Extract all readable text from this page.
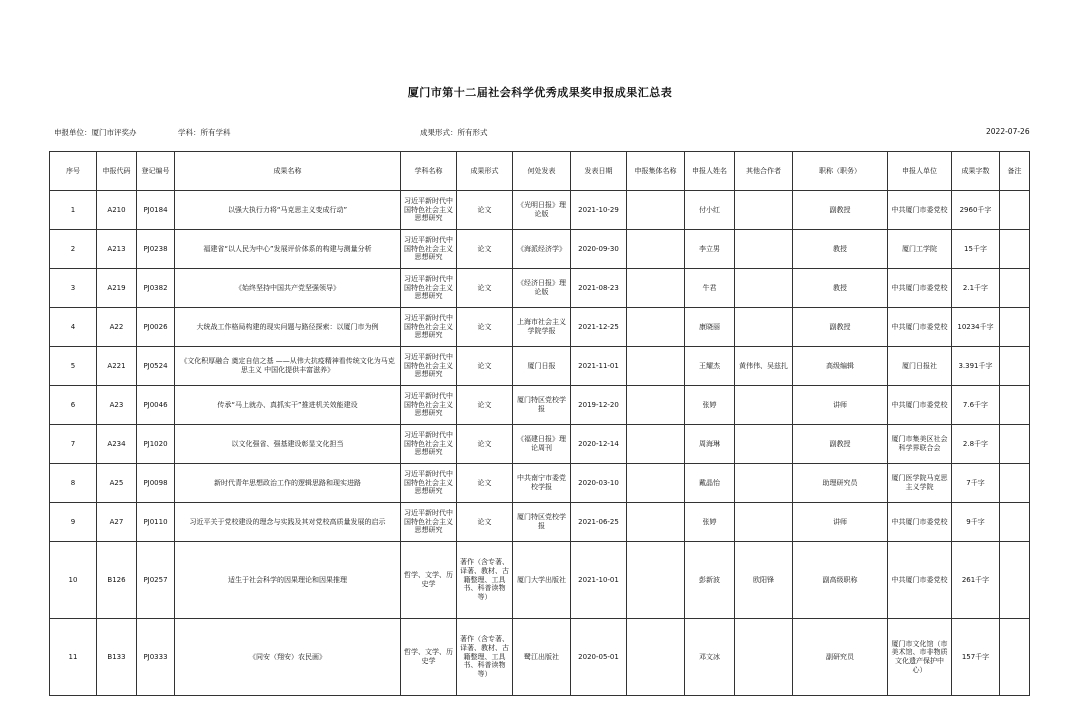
厦门市第十二届社会科学优秀成果奖申报成果汇总表
申报单位：厦门市评奖办	学科：所有学科	成果形式：所有形式	2022-07-26
序号	申报代码	登记编号	成果名称	学科名称	成果形式	何处发表	发表日期	申报集体名称	申报人姓名	其他合作者	职称（职务）	申报人单位	成果字数	备注
1	A210	PJ0184	以强大执行力将“马克思主义变成行动”	习近平新时代中国特色社会主义思想研究	论文	《光明日报》理论版	2021-10-29		付小红		副教授	中共厦门市委党校	2960千字	
2	A213	PJ0238	福建省“以人民为中心”发展评价体系的构建与测量分析	习近平新时代中国特色社会主义思想研究	论文	《海派经济学》	2020-09-30		李立男		教授	厦门工学院	15千字	
3	A219	PJ0382	《始终坚持中国共产党坚强领导》	习近平新时代中国特色社会主义思想研究	论文	《经济日报》理论版	2021-08-23		牛君		教授	中共厦门市委党校	2.1千字	
4	A22	PJ0026	大统战工作格局构建的现实问题与路径探索：以厦门市为例	习近平新时代中国特色社会主义思想研究	论文	上海市社会主义学院学报	2021-12-25		康晓丽		副教授	中共厦门市委党校	10234千字	
5	A221	PJ0524	《文化积厚融合 奠定自信之基 ——从伟大抗疫精神看传统文化为马克思主义 中国化提供丰富滋养》	习近平新时代中国特色社会主义思想研究	论文	厦门日报	2021-11-01		王耀杰	黄伟伟、吴兹扎	高级编辑	厦门日报社	3.391千字	
6	A23	PJ0046	传承“马上就办、真抓实干”推进机关效能建设	习近平新时代中国特色社会主义思想研究	论文	厦门特区党校学报	2019-12-20		张婷		讲师	中共厦门市委党校	7.6千字	
7	A234	PJ1020	以文化强省、强基建设彰显文化担当	习近平新时代中国特色社会主义思想研究	论文	《福建日报》理论周刊	2020-12-14		周海琳		副教授	厦门市集美区社会科学界联合会	2.8千字	
8	A25	PJ0098	新时代青年思想政治工作的逻辑思路和现实进路	习近平新时代中国特色社会主义思想研究	论文	中共南宁市委党校学报	2020-03-10		戴晶怡		助理研究员	厦门医学院马克思主义学院	7千字	
9	A27	PJ0110	习近平关于党校建设的理念与实践及其对党校高质量发展的启示	习近平新时代中国特色社会主义思想研究	论文	厦门特区党校学报	2021-06-25		张婷		讲师	中共厦门市委党校	9千字	
10	B126	PJ0257	适生于社会科学的因果理论和因果推理	哲学、文学、历史学	著作（含专著、译著、教材、古籍整理、工具书、科普读物等）	厦门大学出版社	2021-10-01		彭新波	欧阳锋	副高级职称	中共厦门市委党校	261千字	
11	B133	PJ0333	《同安（翔安）农民画》	哲学、文学、历史学	著作（含专著、译著、教材、古籍整理、工具书、科普读物等）	鹭江出版社	2020-05-01		邓文冰		副研究员	厦门市文化馆（市美术馆、市非物质文化遗产保护中心）	157千字	
